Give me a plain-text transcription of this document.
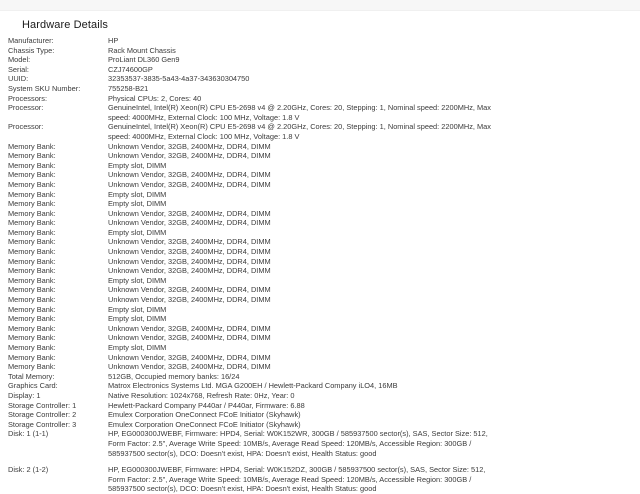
Hardware Details
Manufacturer:	HP

Chassis Type:	Rack Mount Chassis

Model:	ProLiant DL360 Gen9

Serial:	CZJ74600GP

UUID:	32353537-3835-5a43-4a37-343630304750

System SKU Number:	755258-B21

Processors:	Physical CPUs: 2, Cores: 40

Processor:	GenuineIntel, Intel(R) Xeon(R) CPU E5-2698 v4 @ 2.20GHz, Cores: 20, Stepping: 1, Nominal speed: 2200MHz, Max
speed: 4000MHz, External Clock: 100 MHz, Voltage: 1.8 V

Processor:	GenuineIntel, Intel(R) Xeon(R) CPU E5-2698 v4 @ 2.20GHz, Cores: 20, Stepping: 1, Nominal speed: 2200MHz, Max
speed: 4000MHz, External Clock: 100 MHz, Voltage: 1.8 V

Memory Bank:	Unknown Vendor, 32GB, 2400MHz, DDR4, DIMM

Memory Bank:	Unknown Vendor, 32GB, 2400MHz, DDR4, DIMM

Memory Bank:	Empty slot, DIMM

Memory Bank:	Unknown Vendor, 32GB, 2400MHz, DDR4, DIMM

Memory Bank:	Unknown Vendor, 32GB, 2400MHz, DDR4, DIMM

Memory Bank:	Empty slot, DIMM

Memory Bank:	Empty slot, DIMM

Memory Bank:	Unknown Vendor, 32GB, 2400MHz, DDR4, DIMM

Memory Bank:	Unknown Vendor, 32GB, 2400MHz, DDR4, DIMM

Memory Bank:	Empty slot, DIMM

Memory Bank:	Unknown Vendor, 32GB, 2400MHz, DDR4, DIMM

Memory Bank:	Unknown Vendor, 32GB, 2400MHz, DDR4, DIMM

Memory Bank:	Unknown Vendor, 32GB, 2400MHz, DDR4, DIMM

Memory Bank:	Unknown Vendor, 32GB, 2400MHz, DDR4, DIMM

Memory Bank:	Empty slot, DIMM

Memory Bank:	Unknown Vendor, 32GB, 2400MHz, DDR4, DIMM

Memory Bank:	Unknown Vendor, 32GB, 2400MHz, DDR4, DIMM

Memory Bank:	Empty slot, DIMM

Memory Bank:	Empty slot, DIMM

Memory Bank:	Unknown Vendor, 32GB, 2400MHz, DDR4, DIMM

Memory Bank:	Unknown Vendor, 32GB, 2400MHz, DDR4, DIMM

Memory Bank:	Empty slot, DIMM

Memory Bank:	Unknown Vendor, 32GB, 2400MHz, DDR4, DIMM

Memory Bank:	Unknown Vendor, 32GB, 2400MHz, DDR4, DIMM

Total Memory:	512GB, Occupied memory banks: 16/24

Graphics Card:	Matrox Electronics Systems Ltd. MGA G200EH / Hewlett-Packard Company iLO4, 16MB

Display: 1	Native Resolution: 1024x768, Refresh Rate: 0Hz, Year: 0

Storage Controller: 1	Hewlett-Packard Company P440ar / P440ar, Firmware: 6.88

Storage Controller: 2	Emulex Corporation OneConnect FCoE Initiator (Skyhawk)

Storage Controller: 3	Emulex Corporation OneConnect FCoE Initiator (Skyhawk)

Disk: 1 (1-1)	HP, EG000300JWEBF, Firmware: HPD4, Serial: W0K152WR, 300GB / 585937500 sector(s), SAS, Sector Size: 512,
Form Factor: 2.5", Average Write Speed: 10MB/s, Average Read Speed: 120MB/s, Accessible Region: 300GB /
585937500 sector(s), DCO: Doesn't exist, HPA: Doesn't exist, Health Status: good

Disk: 2 (1-2)	HP, EG000300JWEBF, Firmware: HPD4, Serial: W0K152DZ, 300GB / 585937500 sector(s), SAS, Sector Size: 512,
Form Factor: 2.5", Average Write Speed: 10MB/s, Average Read Speed: 120MB/s, Accessible Region: 300GB /
585937500 sector(s), DCO: Doesn't exist, HPA: Doesn't exist, Health Status: good
